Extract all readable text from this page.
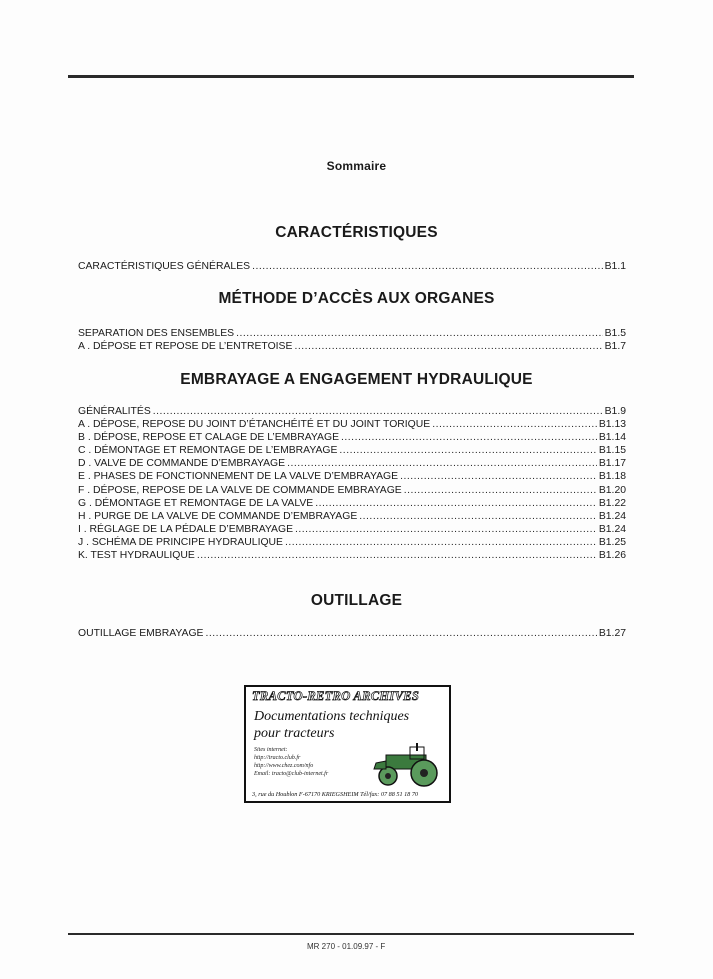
Sommaire
CARACTÉRISTIQUES
CARACTÉRISTIQUES GÉNÉRALES .....	B1.1
MÉTHODE D’ACCÈS AUX ORGANES
SEPARATION DES ENSEMBLES .....	B1.5
A . DÉPOSE ET REPOSE DE L’ENTRETOISE .....	B1.7
EMBRAYAGE A ENGAGEMENT HYDRAULIQUE
GÉNÉRALITÉS .....	B1.9
A . DÉPOSE, REPOSE DU JOINT D’ÉTANCHÉITÉ ET DU JOINT TORIQUE .....	B1.13
B . DÉPOSE, REPOSE ET CALAGE DE L’EMBRAYAGE .....	B1.14
C . DÉMONTAGE ET REMONTAGE DE L’EMBRAYAGE .....	B1.15
D . VALVE DE COMMANDE D’EMBRAYAGE .....	B1.17
E . PHASES DE FONCTIONNEMENT DE LA VALVE D’EMBRAYAGE .....	B1.18
F . DÉPOSE, REPOSE DE LA VALVE DE COMMANDE EMBRAYAGE .....	B1.20
G . DÉMONTAGE ET REMONTAGE DE LA VALVE .....	B1.22
H . PURGE DE LA VALVE DE COMMANDE D’EMBRAYAGE .....	B1.24
I . RÉGLAGE DE LA PÉDALE D’EMBRAYAGE .....	B1.24
J . SCHÉMA DE PRINCIPE HYDRAULIQUE .....	B1.25
K. TEST HYDRAULIQUE .....	B1.26
OUTILLAGE
OUTILLAGE EMBRAYAGE .....	B1.27
TRACTO-RETRO ARCHIVES
Documentations techniques
pour tracteurs
Sites internet:
http://tracto.club.fr
http://www.chez.com/nfo
Email: tracto@club-internet.fr
3, rue du Houblon F-67170 KRIEGSHEIM Tél/fax: 07 88 51 18 70
MR 270 - 01.09.97 - F
